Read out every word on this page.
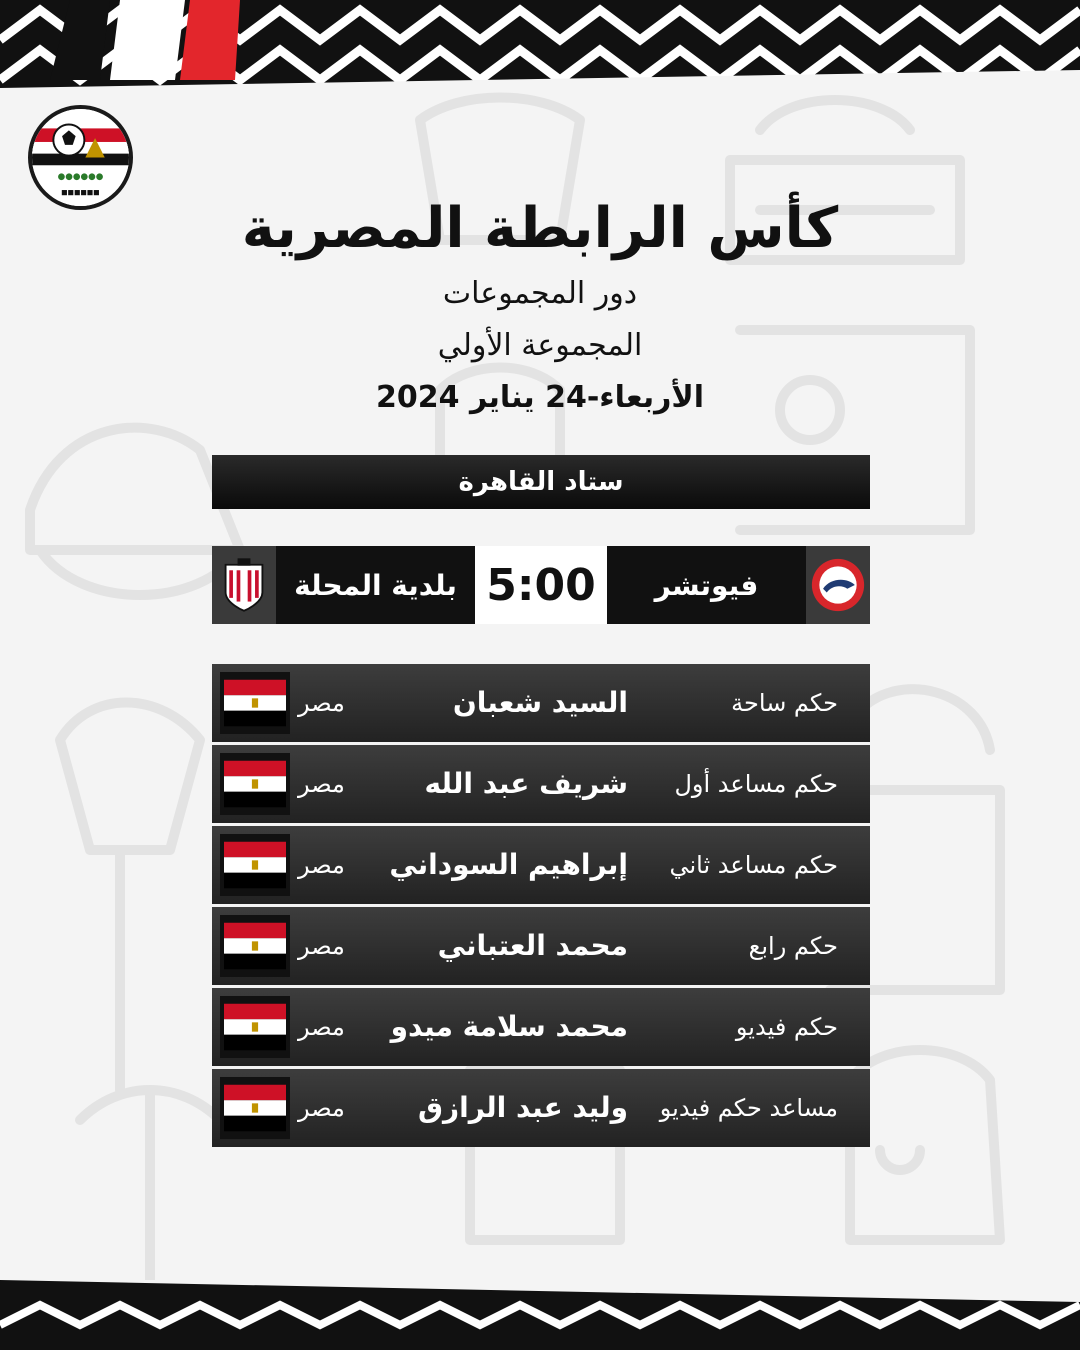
●●●●●●
■■■■■■
كأس الرابطة المصرية
دور المجموعات
المجموعة الأولي
الأربعاء-24 يناير 2024
ستاد القاهرة
بلدية المحلة 5:00	فيوتشر
حكم ساحة
السيد شعبان
مصر
حكم مساعد أول
شريف عبد الله
مصر
حكم مساعد ثاني
إبراهيم السوداني
مصر
حكم رابع
محمد العتباني
مصر
حكم فيديو
محمد سلامة ميدو
مصر
مساعد حكم فيديو
وليد عبد الرازق
مصر
